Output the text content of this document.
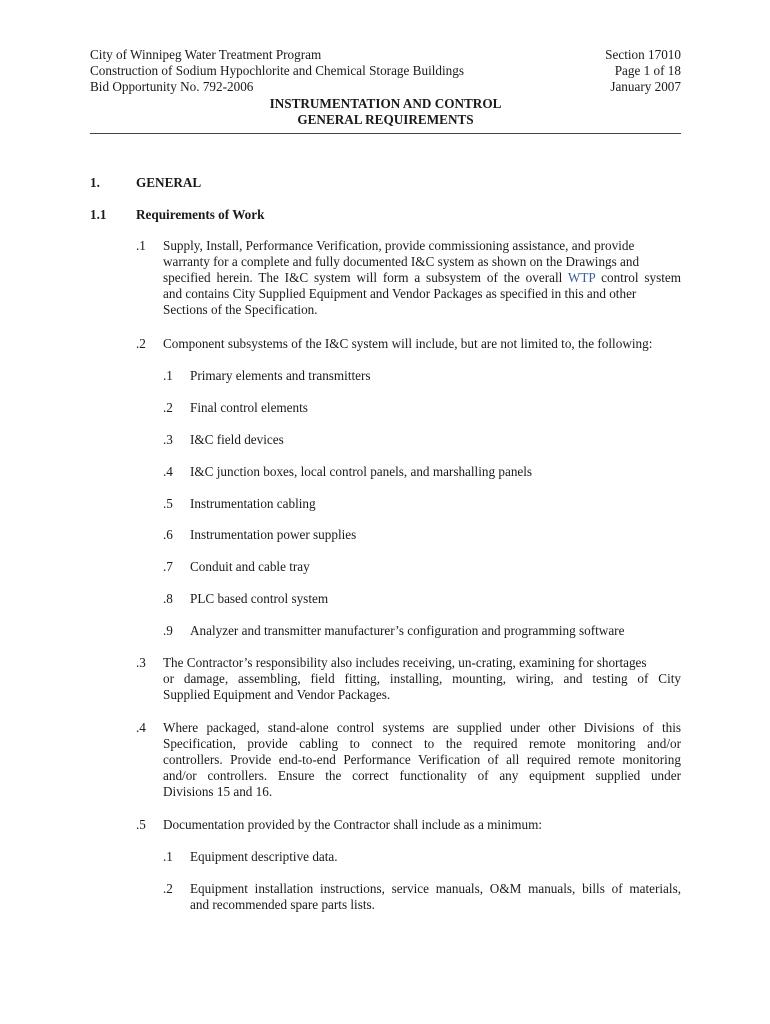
City of Winnipeg Water Treatment Program
Construction of Sodium Hypochlorite and Chemical Storage Buildings
Bid Opportunity No. 792-2006
Section 17010
Page 1 of 18
January 2007
INSTRUMENTATION AND CONTROL
GENERAL REQUIREMENTS
1.	GENERAL
1.1 Requirements of Work
.1 Supply, Install, Performance Verification, provide commissioning assistance, and provide
warranty for a complete and fully documented I&C system as shown on the Drawings and
specified herein. The I&C system will form a subsystem of the overall WTP control system
and contains City Supplied Equipment and Vendor Packages as specified in this and other
Sections of the Specification.
.2 Component subsystems of the I&C system will include, but are not limited to, the following:
.1 Primary elements and transmitters
.2 Final control elements
.3 I&C field devices
.4 I&C junction boxes, local control panels, and marshalling panels
.5 Instrumentation cabling
.6 Instrumentation power supplies
.7 Conduit and cable tray
.8 PLC based control system
.9 Analyzer and transmitter manufacturer’s configuration and programming software
.3 The Contractor’s responsibility also includes receiving, un-crating, examining for shortages
or damage, assembling, field fitting, installing, mounting, wiring, and testing of City
Supplied Equipment and Vendor Packages.
.4 Where packaged, stand-alone control systems are supplied under other Divisions of this
Specification, provide cabling to connect to the required remote monitoring and/or
controllers. Provide end-to-end Performance Verification of all required remote monitoring
and/or controllers. Ensure the correct functionality of any equipment supplied under
Divisions 15 and 16.
.5 Documentation provided by the Contractor shall include as a minimum:
.1 Equipment descriptive data.
.2 Equipment installation instructions, service manuals, O&M manuals, bills of materials,
and recommended spare parts lists.
